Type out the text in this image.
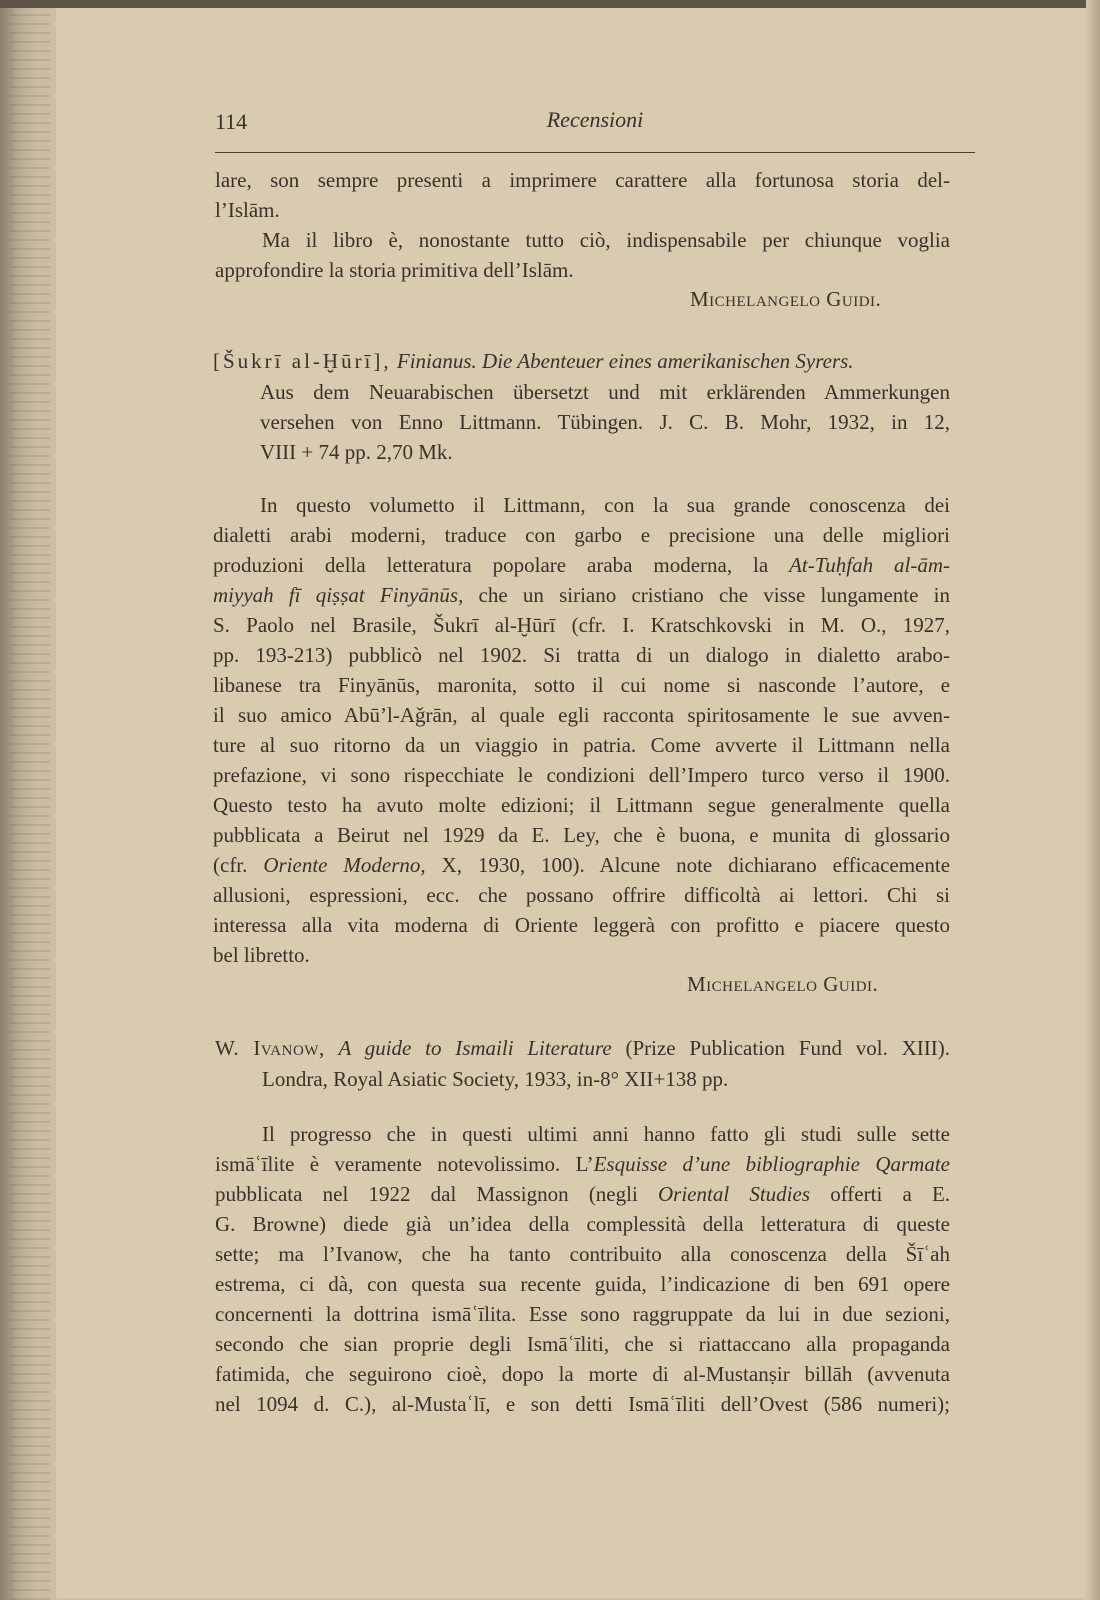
114	Recensioni
lare, son sempre presenti a imprimere carattere alla fortunosa storia del-
l’Islām.
Ma il libro è, nonostante tutto ciò, indispensabile per chiunque voglia
approfondire la storia primitiva dell’Islām.
Michelangelo Guidi.
[Šukrī al-Ḫūrī], Finianus. Die Abenteuer eines amerikanischen Syrers.
Aus dem Neuarabischen übersetzt und mit erklärenden Ammerkungen
versehen von Enno Littmann. Tübingen. J. C. B. Mohr, 1932, in 12,
VIII + 74 pp. 2,70 Mk.
In questo volumetto il Littmann, con la sua grande conoscenza dei
dialetti arabi moderni, traduce con garbo e precisione una delle migliori
produzioni della letteratura popolare araba moderna, la At-Tuḥfah al-ām-
miyyah fī qiṣṣat Finyānūs, che un siriano cristiano che visse lungamente in
S. Paolo nel Brasile, Šukrī al-Ḫūrī (cfr. I. Kratschkovski in M. O., 1927,
pp. 193-213) pubblicò nel 1902. Si tratta di un dialogo in dialetto arabo-
libanese tra Finyānūs, maronita, sotto il cui nome si nasconde l’autore, e
il suo amico Abū’l-Aǧrān, al quale egli racconta spiritosamente le sue avven-
ture al suo ritorno da un viaggio in patria. Come avverte il Littmann nella
prefazione, vi sono rispecchiate le condizioni dell’Impero turco verso il 1900.
Questo testo ha avuto molte edizioni; il Littmann segue generalmente quella
pubblicata a Beirut nel 1929 da E. Ley, che è buona, e munita di glossario
(cfr. Oriente Moderno, X, 1930, 100). Alcune note dichiarano efficacemente
allusioni, espressioni, ecc. che possano offrire difficoltà ai lettori. Chi si
interessa alla vita moderna di Oriente leggerà con profitto e piacere questo
bel libretto.
Michelangelo Guidi.
W. Ivanow, A guide to Ismaili Literature (Prize Publication Fund vol. XIII).
Londra, Royal Asiatic Society, 1933, in-8° XII+138 pp.
Il progresso che in questi ultimi anni hanno fatto gli studi sulle sette
ismāʿīlite è veramente notevolissimo. L’Esquisse d’une bibliographie Qarmate
pubblicata nel 1922 dal Massignon (negli Oriental Studies offerti a E.
G. Browne) diede già un’idea della complessità della letteratura di queste
sette; ma l’Ivanow, che ha tanto contribuito alla conoscenza della Šīʿah
estrema, ci dà, con questa sua recente guida, l’indicazione di ben 691 opere
concernenti la dottrina ismāʿīlita. Esse sono raggruppate da lui in due sezioni,
secondo che sian proprie degli Ismāʿīliti, che si riattaccano alla propaganda
fatimida, che seguirono cioè, dopo la morte di al-Mustanṣir billāh (avvenuta
nel 1094 d. C.), al-Mustaʿlī, e son detti Ismāʿīliti dell’Ovest (586 numeri);
